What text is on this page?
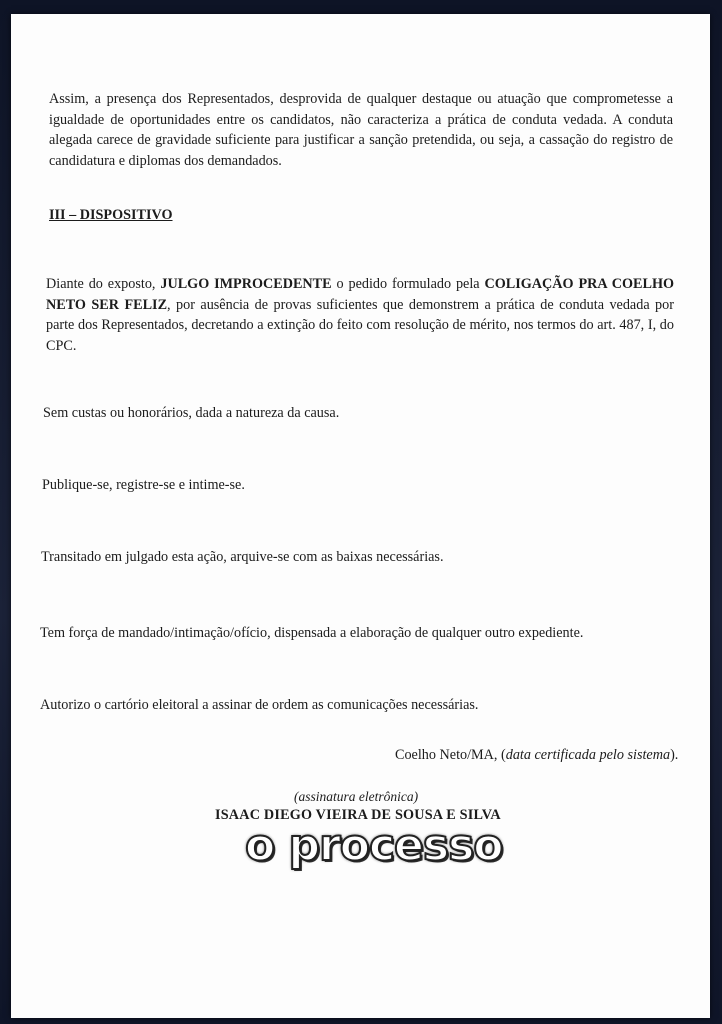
Assim, a presença dos Representados, desprovida de qualquer destaque ou atuação que comprometesse a igualdade de oportunidades entre os candidatos, não caracteriza a prática de conduta vedada. A conduta alegada carece de gravidade suficiente para justificar a sanção pretendida, ou seja, a cassação do registro de candidatura e diplomas dos demandados.

III – DISPOSITIVO

Diante do exposto, JULGO IMPROCEDENTE o pedido formulado pela COLIGAÇÃO PRA COELHO NETO SER FELIZ, por ausência de provas suficientes que demonstrem a prática de conduta vedada por parte dos Representados, decretando a extinção do feito com resolução de mérito, nos termos do art. 487, I, do CPC.

Sem custas ou honorários, dada a natureza da causa.

Publique-se, registre-se e intime-se.

Transitado em julgado esta ação, arquive-se com as baixas necessárias.

Tem força de mandado/intimação/ofício, dispensada a elaboração de qualquer outro expediente.

Autorizo o cartório eleitoral a assinar de ordem as comunicações necessárias.

Coelho Neto/MA, (data certificada pelo sistema).
(assinatura eletrônica)
ISAAC DIEGO VIEIRA DE SOUSA E SILVA
o processo
